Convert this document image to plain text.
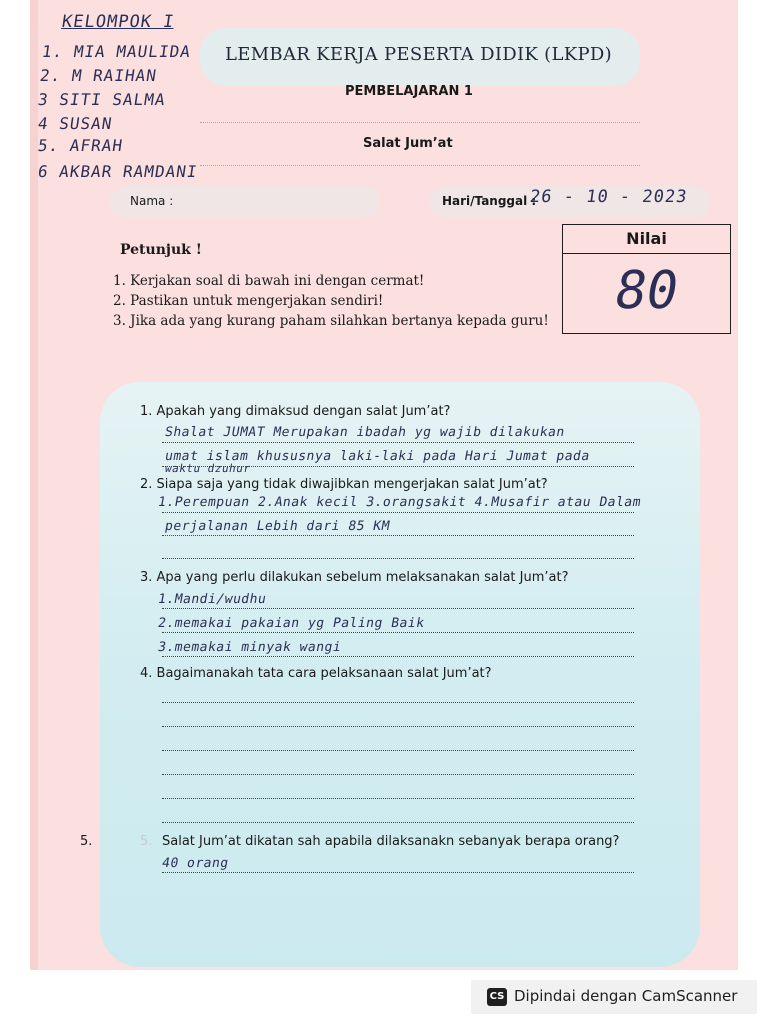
KELOMPOK I
1. MIA MAULIDA
2. M RAIHAN
3 SITI SALMA
4 SUSAN
5. AFRAH
6 AKBAR RAMDANI
LEMBAR KERJA PESERTA DIDIK (LKPD)
PEMBELAJARAN 1
Salat Jum’at
Nama :	Hari/Tanggal :
26 - 10 - 2023
Petunjuk !
1. Kerjakan soal di bawah ini dengan cermat!
2. Pastikan untuk mengerjakan sendiri!
3. Jika ada yang kurang paham silahkan bertanya kepada guru!
Nilai
80
1. Apakah yang dimaksud dengan salat Jum’at?
Shalat JUMAT Merupakan ibadah yg wajib dilakukan
umat islam khususnya laki-laki pada Hari Jumat pada
waktu dzuhur
2. Siapa saja yang tidak diwajibkan mengerjakan salat Jum’at?
1.Perempuan 2.Anak kecil 3.orangsakit 4.Musafir atau Dalam
perjalanan Lebih dari 85 KM
3. Apa yang perlu dilakukan sebelum melaksanakan salat Jum’at?
1.Mandi/wudhu
2.memakai pakaian yg Paling Baik
3.memakai minyak wangi
4. Bagaimanakah tata cara pelaksanaan salat Jum’at?
5.	5. Salat Jum’at dikatan sah apabila dilaksanakn sebanyak berapa orang?
40 orang
CS Dipindai dengan CamScanner
